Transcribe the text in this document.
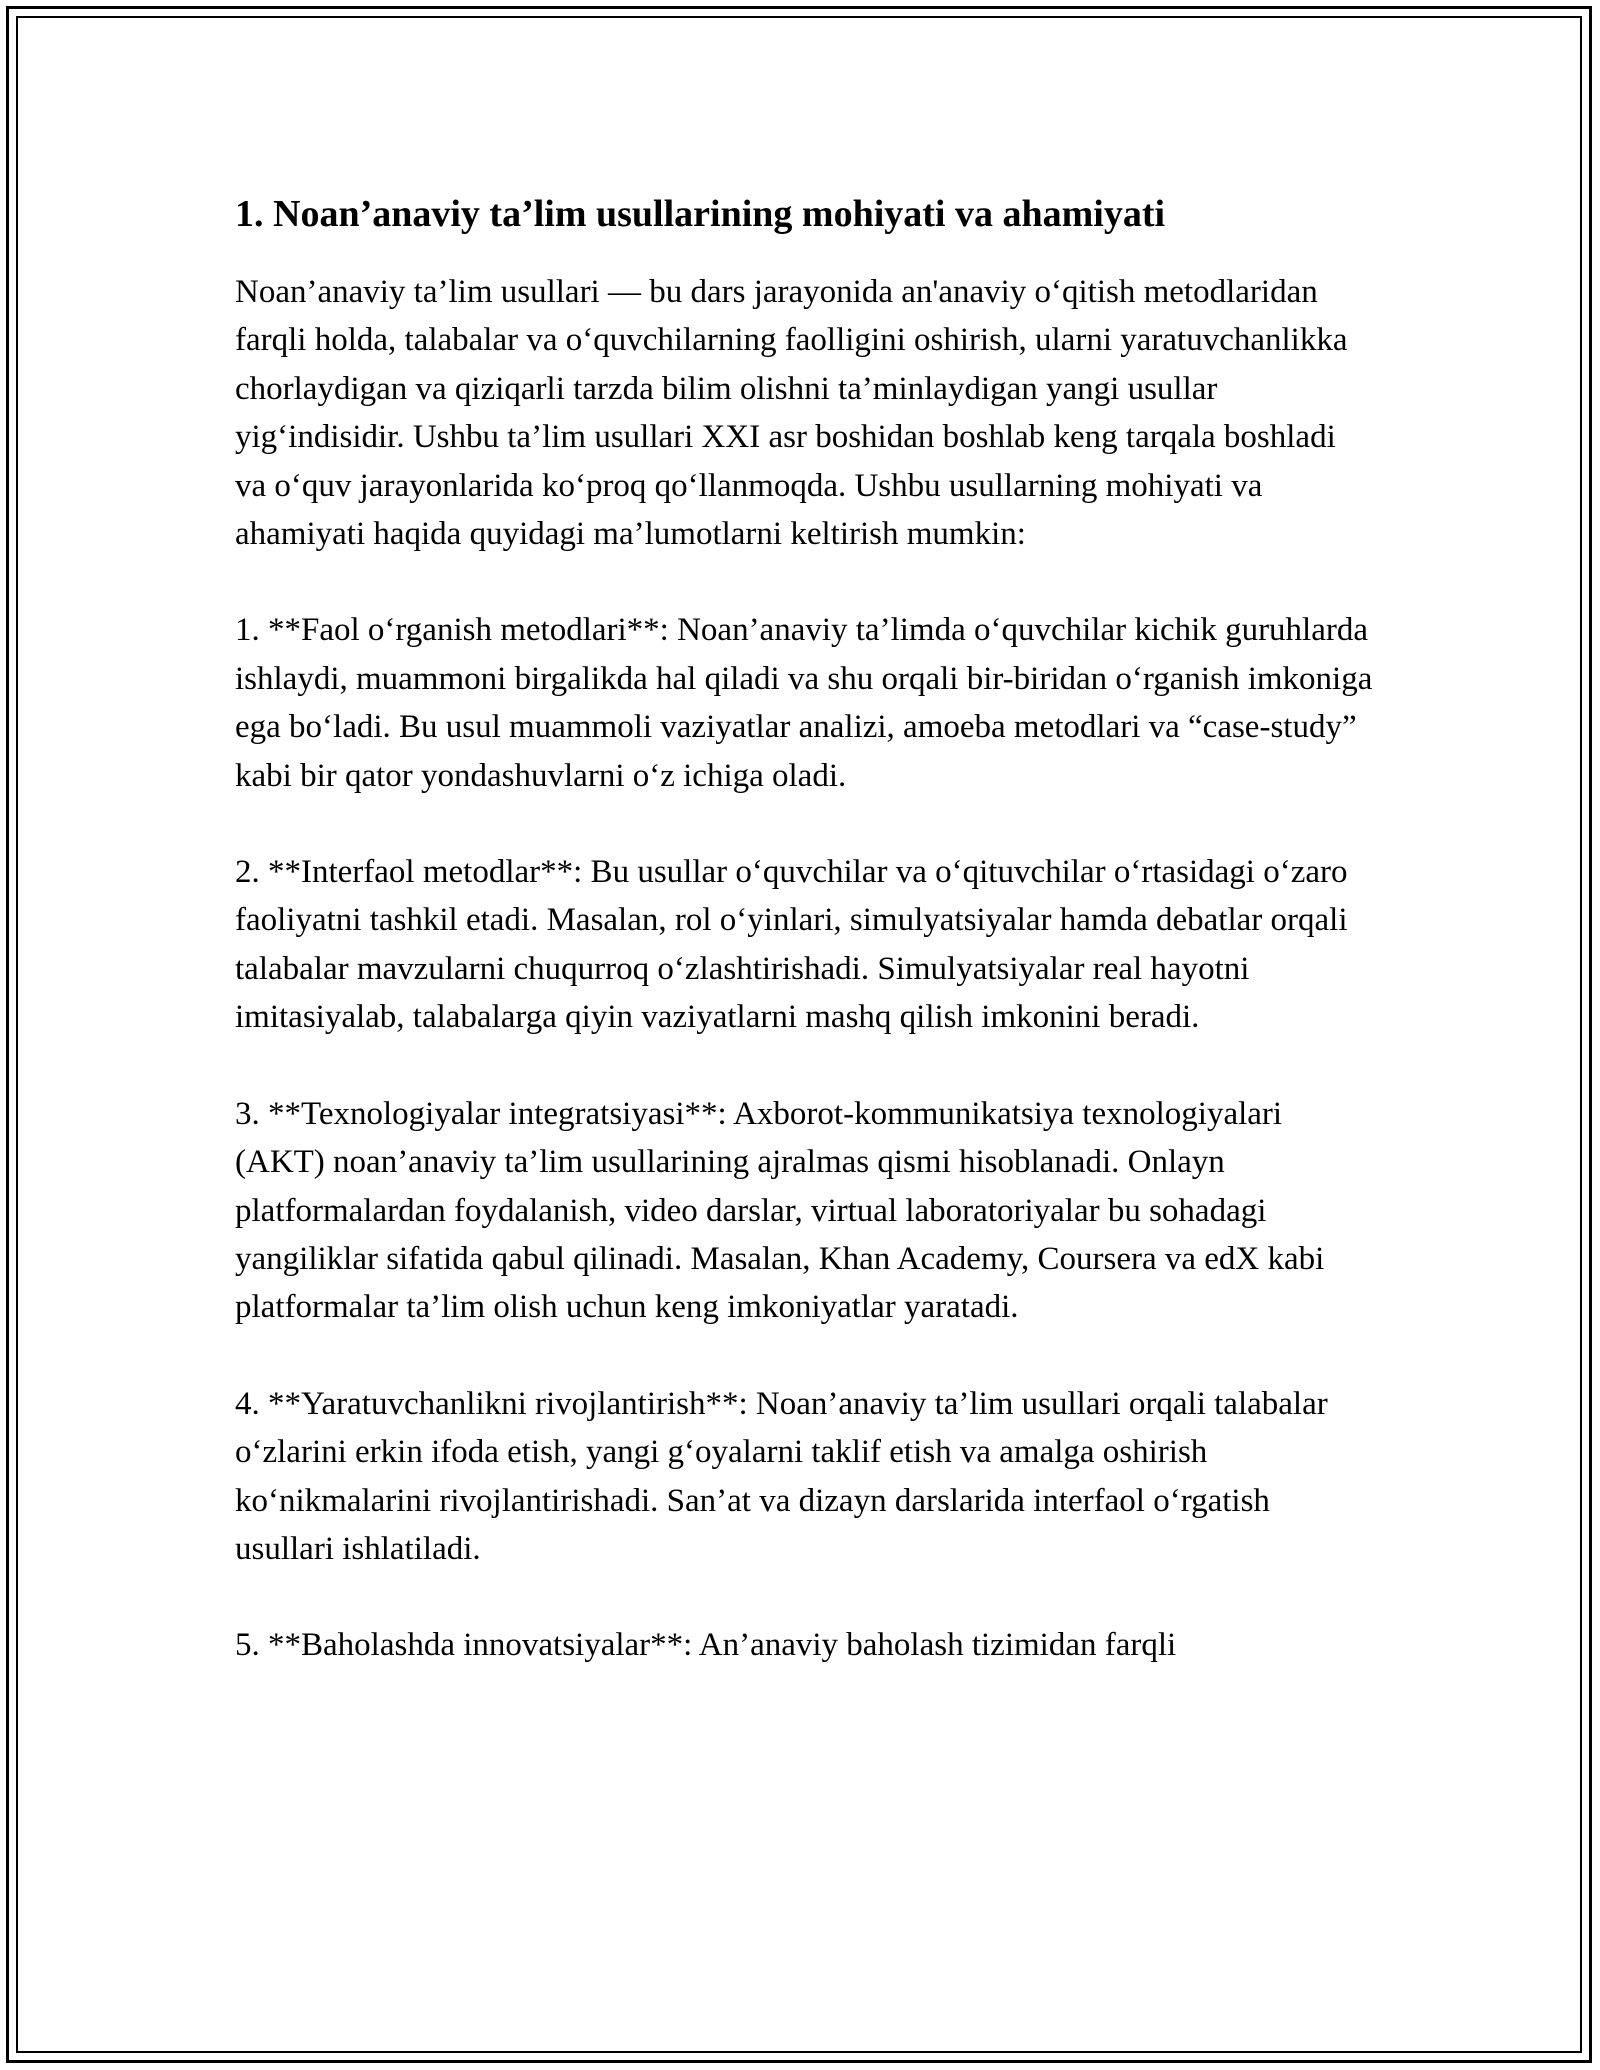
1. Noan’anaviy ta’lim usullarining mohiyati va ahamiyati

Noan’anaviy ta’lim usullari — bu dars jarayonida an'anaviy o‘qitish metodlaridan farqli holda, talabalar va o‘quvchilarning faolligini oshirish, ularni yaratuvchanlikka chorlaydigan va qiziqarli tarzda bilim olishni ta’minlaydigan yangi usullar yig‘indisidir. Ushbu ta’lim usullari XXI asr boshidan boshlab keng tarqala boshladi va o‘quv jarayonlarida ko‘proq qo‘llanmoqda. Ushbu usullarning mohiyati va ahamiyati haqida quyidagi ma’lumotlarni keltirish mumkin:

1. **Faol o‘rganish metodlari**: Noan’anaviy ta’limda o‘quvchilar kichik guruhlarda ishlaydi, muammoni birgalikda hal qiladi va shu orqali bir-biridan o‘rganish imkoniga ega bo‘ladi. Bu usul muammoli vaziyatlar analizi, amoeba metodlari va “case-study” kabi bir qator yondashuvlarni o‘z ichiga oladi.

2. **Interfaol metodlar**: Bu usullar o‘quvchilar va o‘qituvchilar o‘rtasidagi o‘zaro faoliyatni tashkil etadi. Masalan, rol o‘yinlari, simulyatsiyalar hamda debatlar orqali talabalar mavzularni chuqurroq o‘zlashtirishadi. Simulyatsiyalar real hayotni imitasiyalab, talabalarga qiyin vaziyatlarni mashq qilish imkonini beradi.

3. **Texnologiyalar integratsiyasi**: Axborot-kommunikatsiya texnologiyalari (AKT) noan’anaviy ta’lim usullarining ajralmas qismi hisoblanadi. Onlayn platformalardan foydalanish, video darslar, virtual laboratoriyalar bu sohadagi yangiliklar sifatida qabul qilinadi. Masalan, Khan Academy, Coursera va edX kabi platformalar ta’lim olish uchun keng imkoniyatlar yaratadi.

4. **Yaratuvchanlikni rivojlantirish**: Noan’anaviy ta’lim usullari orqali talabalar o‘zlarini erkin ifoda etish, yangi g‘oyalarni taklif etish va amalga oshirish ko‘nikmalarini rivojlantirishadi. San’at va dizayn darslarida interfaol o‘rgatish usullari ishlatiladi.

5. **Baholashda innovatsiyalar**: An’anaviy baholash tizimidan farqli
